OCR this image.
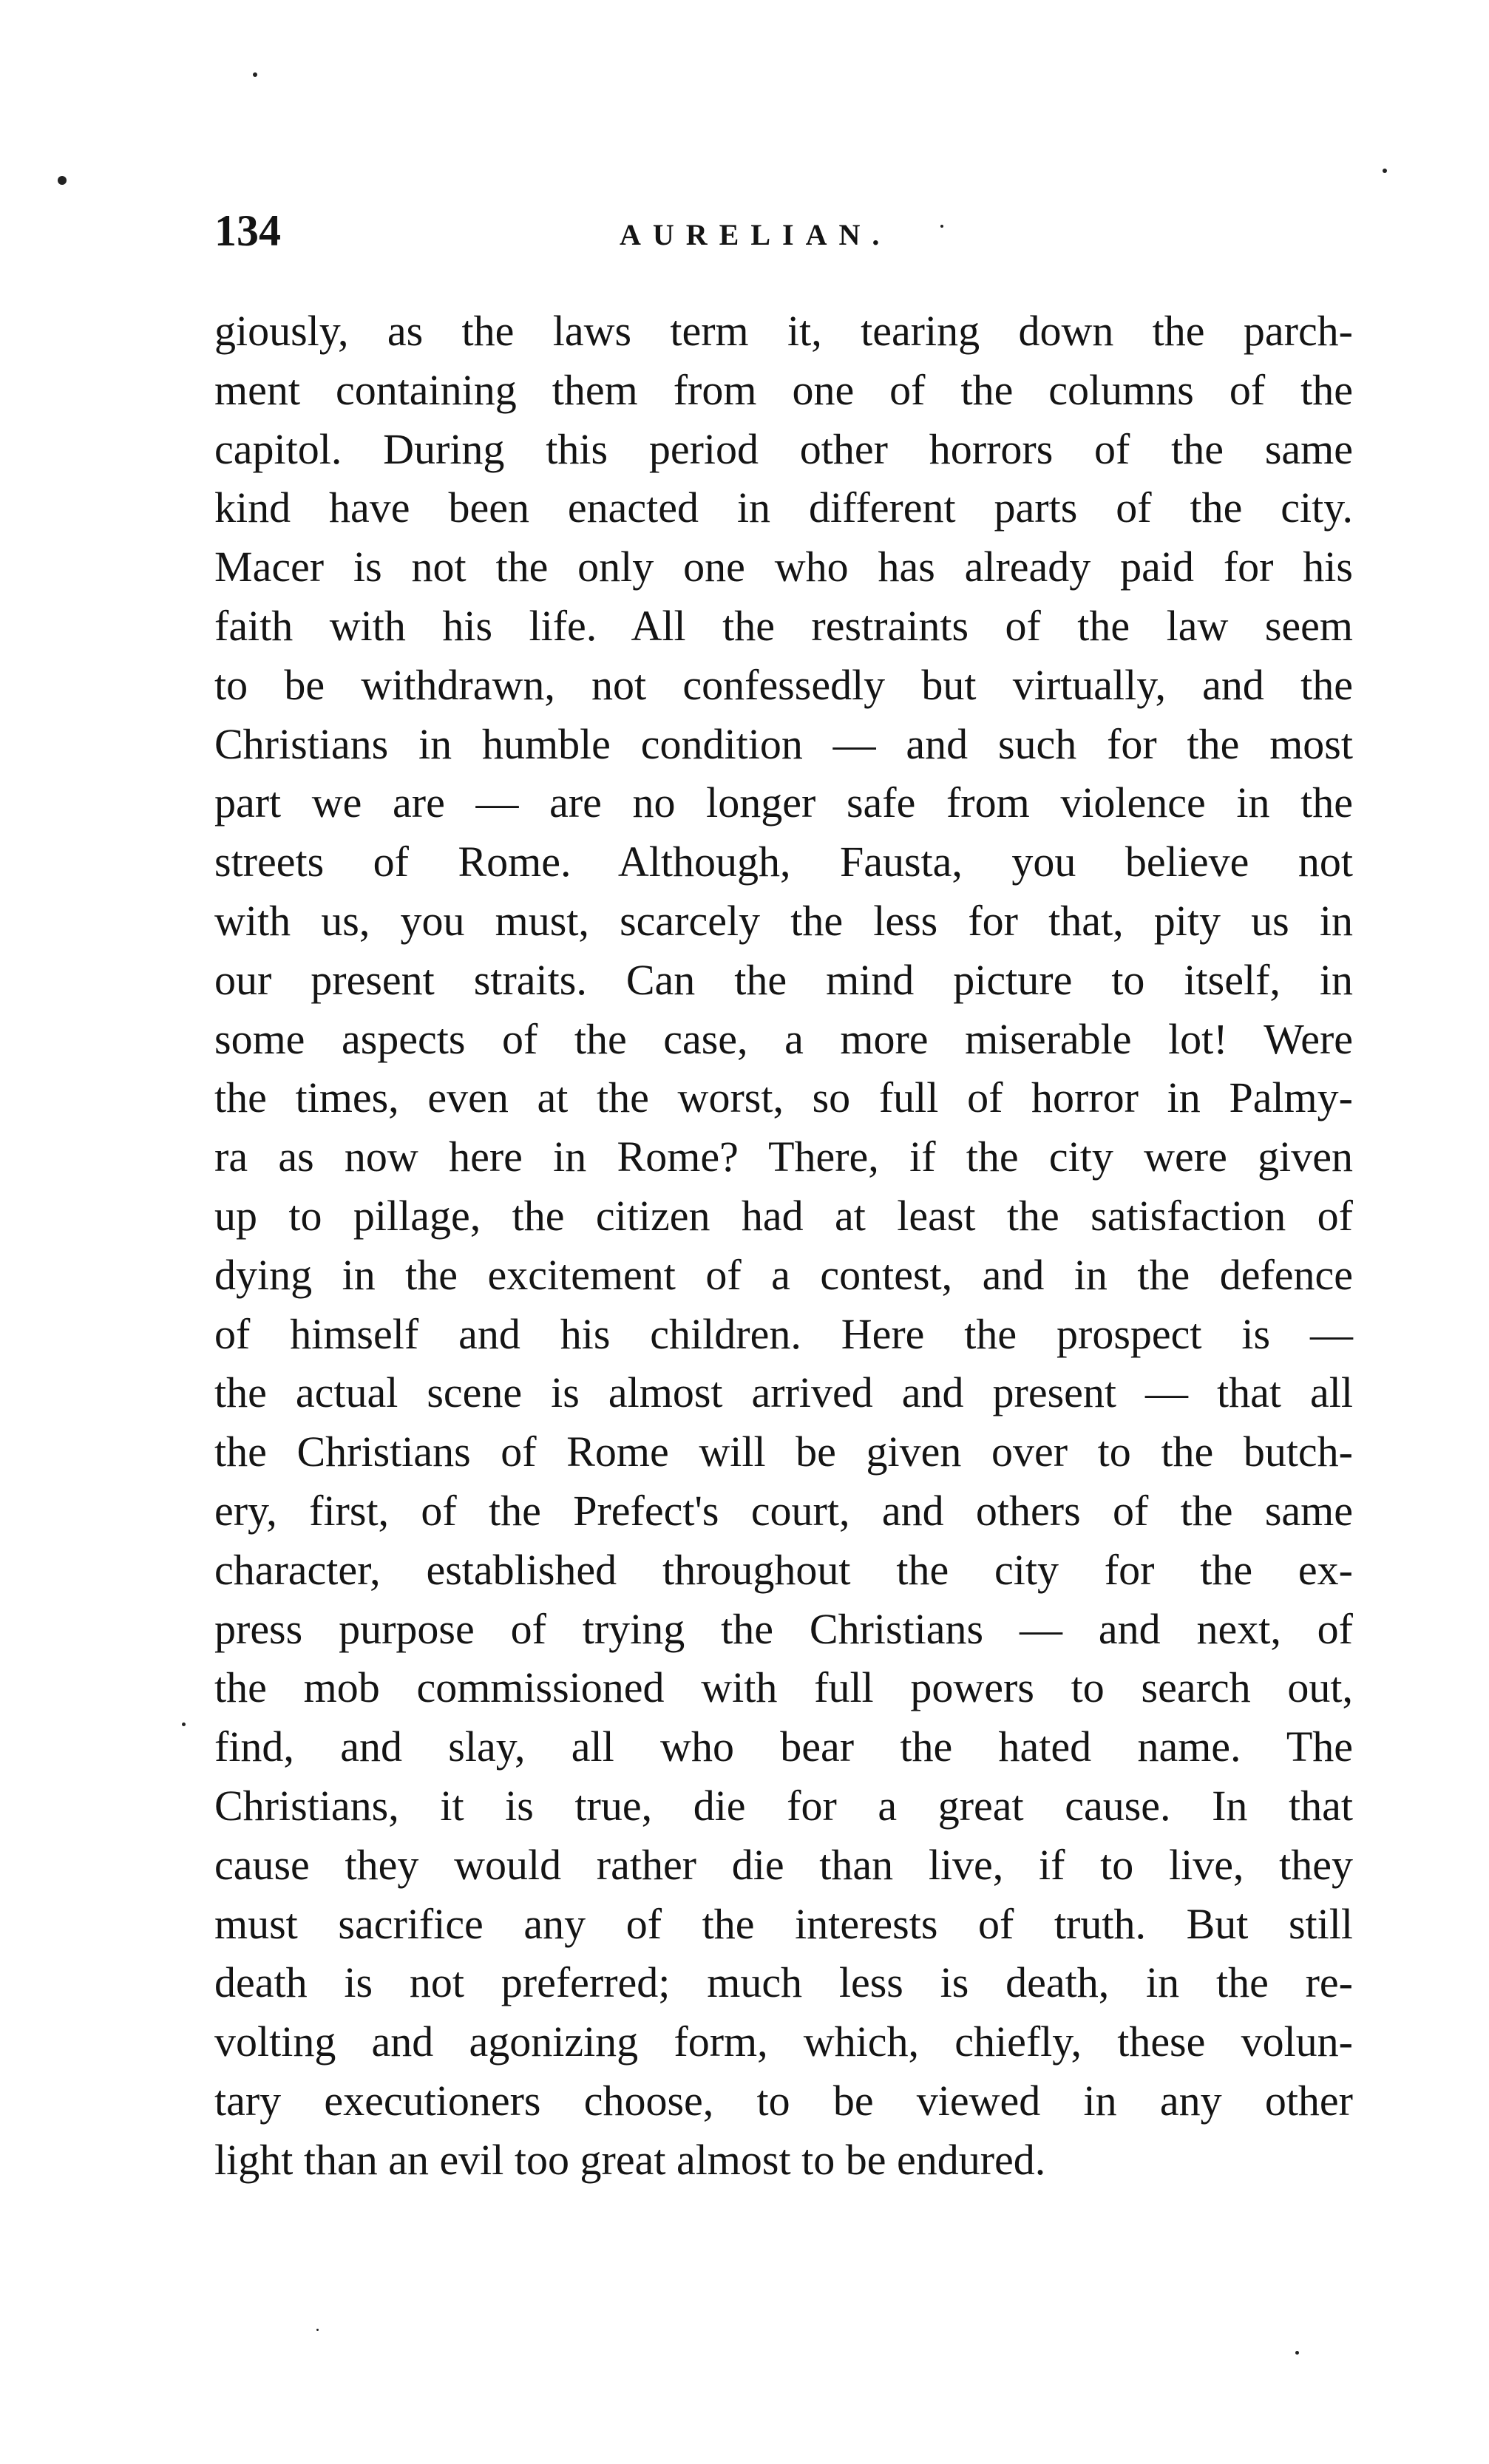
134	AURELIAN.
giously, as the laws term it, tearing down the parch-
ment containing them from one of the columns of the
capitol. During this period other horrors of the same
kind have been enacted in different parts of the city.
Macer is not the only one who has already paid for his
faith with his life. All the restraints of the law seem
to be withdrawn, not confessedly but virtually, and the
Christians in humble condition — and such for the most
part we are — are no longer safe from violence in the
streets of Rome. Although, Fausta, you believe not
with us, you must, scarcely the less for that, pity us in
our present straits. Can the mind picture to itself, in
some aspects of the case, a more miserable lot! Were
the times, even at the worst, so full of horror in Palmy-
ra as now here in Rome? There, if the city were given
up to pillage, the citizen had at least the satisfaction of
dying in the excitement of a contest, and in the defence
of himself and his children. Here the prospect is —
the actual scene is almost arrived and present — that all
the Christians of Rome will be given over to the butch-
ery, first, of the Prefect's court, and others of the same
character, established throughout the city for the ex-
press purpose of trying the Christians — and next, of
the mob commissioned with full powers to search out,
find, and slay, all who bear the hated name. The
Christians, it is true, die for a great cause. In that
cause they would rather die than live, if to live, they
must sacrifice any of the interests of truth. But still
death is not preferred; much less is death, in the re-
volting and agonizing form, which, chiefly, these volun-
tary executioners choose, to be viewed in any other
light than an evil too great almost to be endured.
